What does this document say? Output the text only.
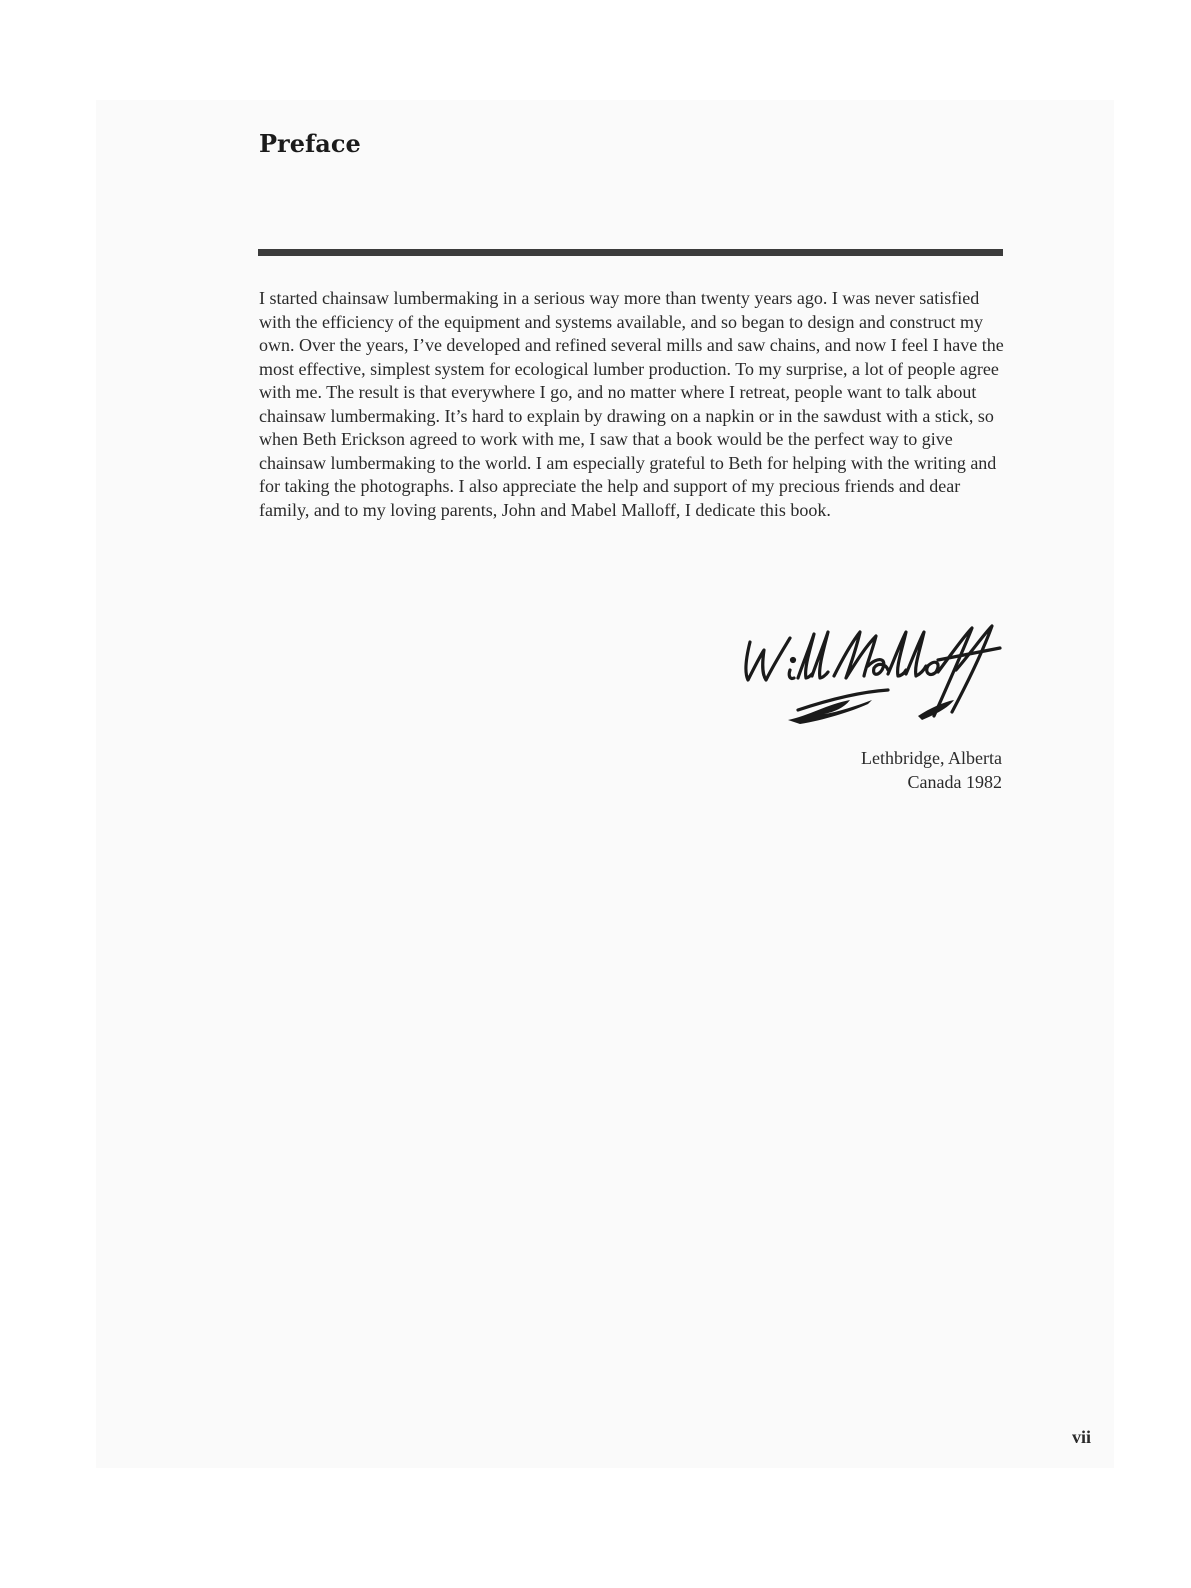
Preface

I started chainsaw lumbermaking in a serious way more than twenty years ago. I was never satisfied with the efficiency of the equipment and systems available, and so began to design and construct my own. Over the years, I’ve developed and refined several mills and saw chains, and now I feel I have the most effective, simplest system for ecological lumber production. To my surprise, a lot of people agree with me. The result is that everywhere I go, and no matter where I retreat, people want to talk about chainsaw lumbermaking. It’s hard to explain by drawing on a napkin or in the sawdust with a stick, so when Beth Erickson agreed to work with me, I saw that a book would be the perfect way to give chainsaw lumbermaking to the world. I am especially grateful to Beth for helping with the writing and for taking the photographs. I also appreciate the help and support of my precious friends and dear family, and to my loving parents, John and Mabel Malloff, I dedicate this book.

Lethbridge, Alberta
Canada 1982
vii
